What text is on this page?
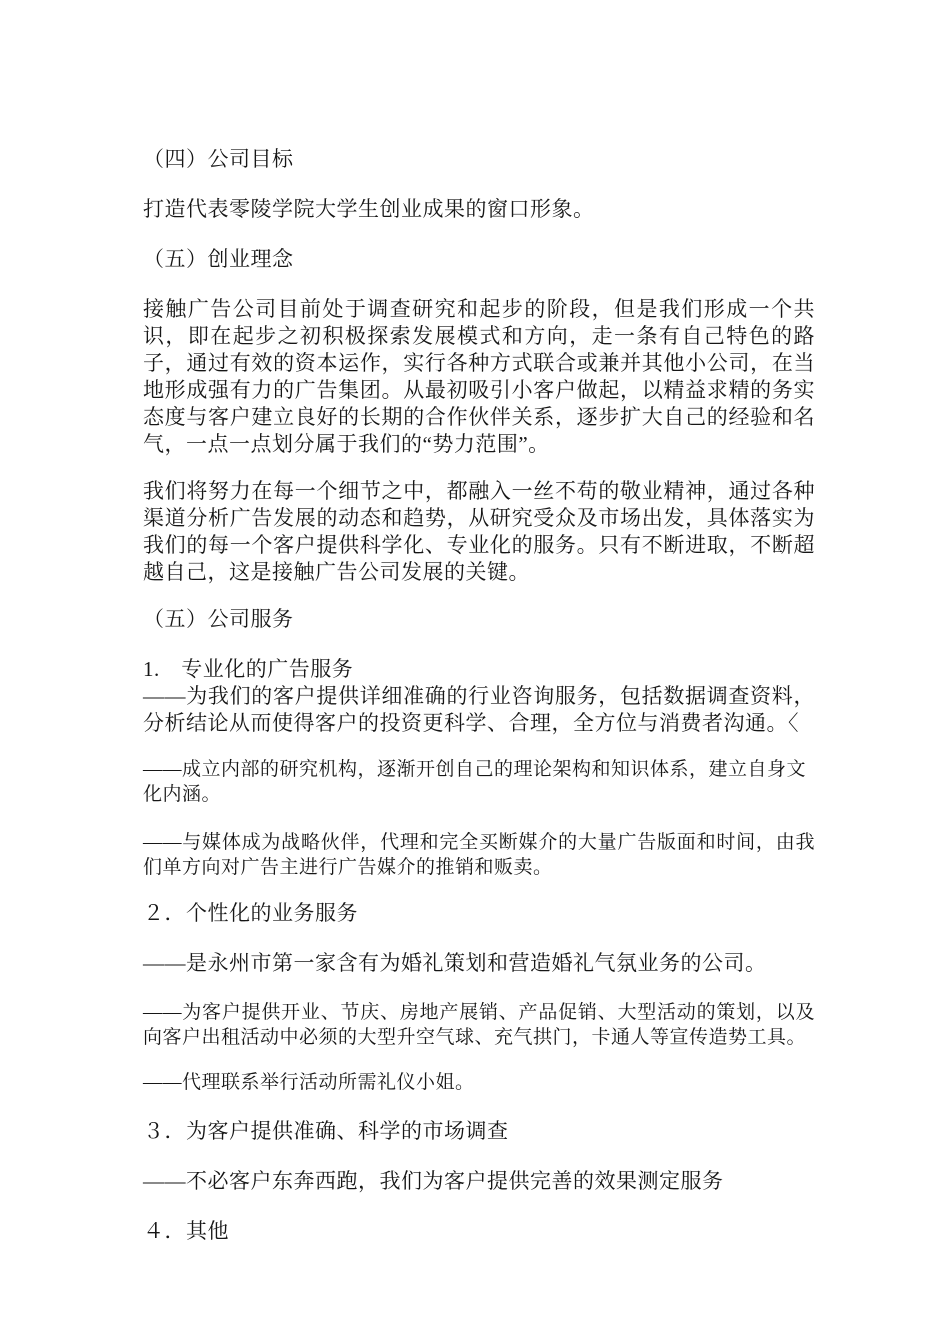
（四）公司目标
打造代表零陵学院大学生创业成果的窗口形象。
（五）创业理念
接触广告公司目前处于调查研究和起步的阶段，但是我们形成一个共识，即在起步之初积极探索发展模式和方向，走一条有自己特色的路子，通过有效的资本运作，实行各种方式联合或兼并其他小公司，在当地形成强有力的广告集团。从最初吸引小客户做起，以精益求精的务实态度与客户建立良好的长期的合作伙伴关系，逐步扩大自己的经验和名气，一点一点划分属于我们的“势力范围”。
我们将努力在每一个细节之中，都融入一丝不苟的敬业精神，通过各种渠道分析广告发展的动态和趋势，从研究受众及市场出发，具体落实为我们的每一个客户提供科学化、专业化的服务。只有不断进取，不断超越自己，这是接触广告公司发展的关键。
（五）公司服务
1.　专业化的广告服务
——为我们的客户提供详细准确的行业咨询服务，包括数据调查资料，分析结论从而使得客户的投资更科学、合理，全方位与消费者沟通。〈
——成立内部的研究机构，逐渐开创自己的理论架构和知识体系，建立自身文化内涵。
——与媒体成为战略伙伴，代理和完全买断媒介的大量广告版面和时间，由我们单方向对广告主进行广告媒介的推销和贩卖。
２．个性化的业务服务
——是永州市第一家含有为婚礼策划和营造婚礼气氛业务的公司。
——为客户提供开业、节庆、房地产展销、产品促销、大型活动的策划，以及向客户出租活动中必须的大型升空气球、充气拱门，卡通人等宣传造势工具。
——代理联系举行活动所需礼仪小姐。
３．为客户提供准确、科学的市场调查
——不必客户东奔西跑，我们为客户提供完善的效果测定服务
４．其他
